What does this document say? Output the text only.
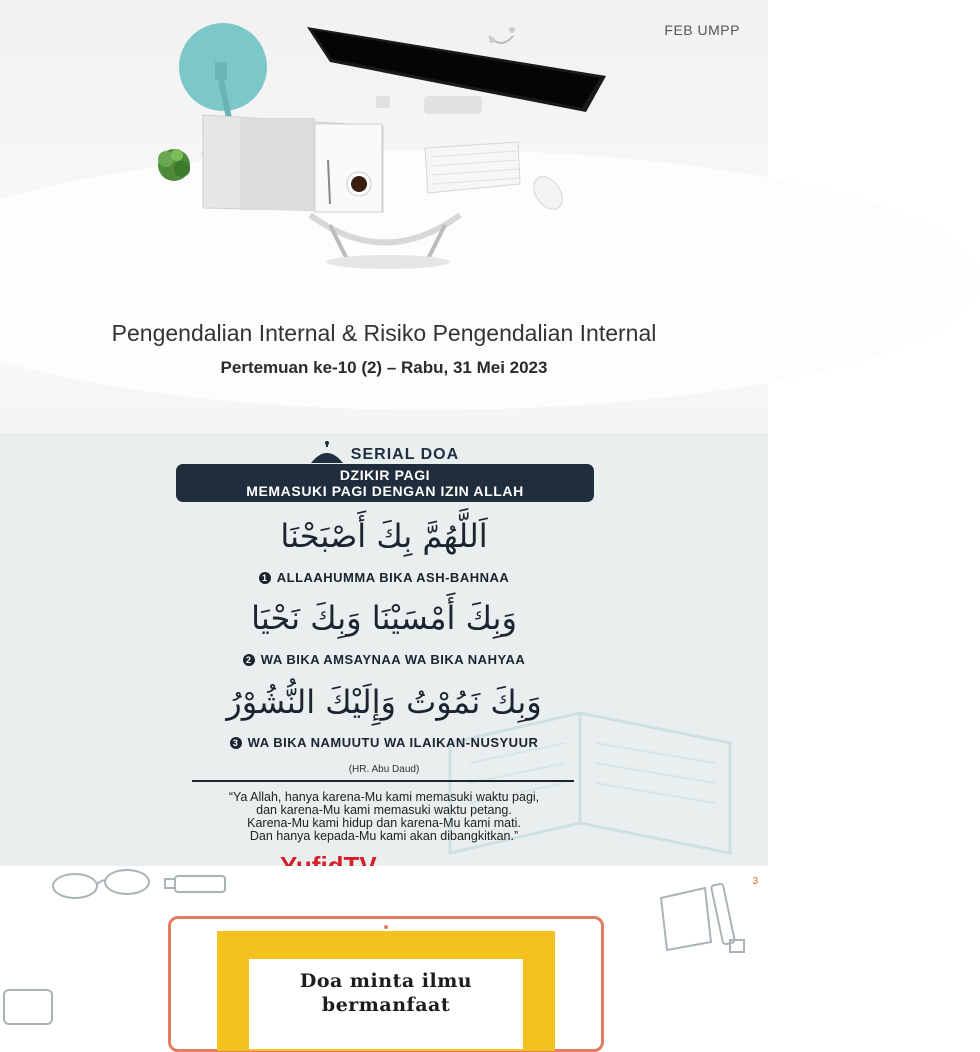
FEB UMPP
Pengendalian Internal & Risiko Pengendalian Internal
Pertemuan ke-10 (2) – Rabu, 31 Mei 2023
SERIAL DOA
DZIKIR PAGI
MEMASUKI PAGI DENGAN IZIN ALLAH
اَللَّهُمَّ بِكَ أَصْبَحْنَا
1 ALLAAHUMMA BIKA ASH-BAHNAA
وَبِكَ أَمْسَيْنَا وَبِكَ نَحْيَا
2 WA BIKA AMSAYNAA WA BIKA NAHYAA
وَبِكَ نَمُوْتُ وَإِلَيْكَ النُّشُوْرُ
3 WA BIKA NAMUUTU WA ILAIKAN-NUSYUUR
(HR. Abu Daud)
“Ya Allah, hanya karena-Mu kami memasuki waktu pagi,
dan karena-Mu kami memasuki waktu petang.
Karena-Mu kami hidup dan karena-Mu kami mati.
Dan hanya kepada-Mu kami akan dibangkitkan.”
3
Doa minta ilmu
bermanfaat
